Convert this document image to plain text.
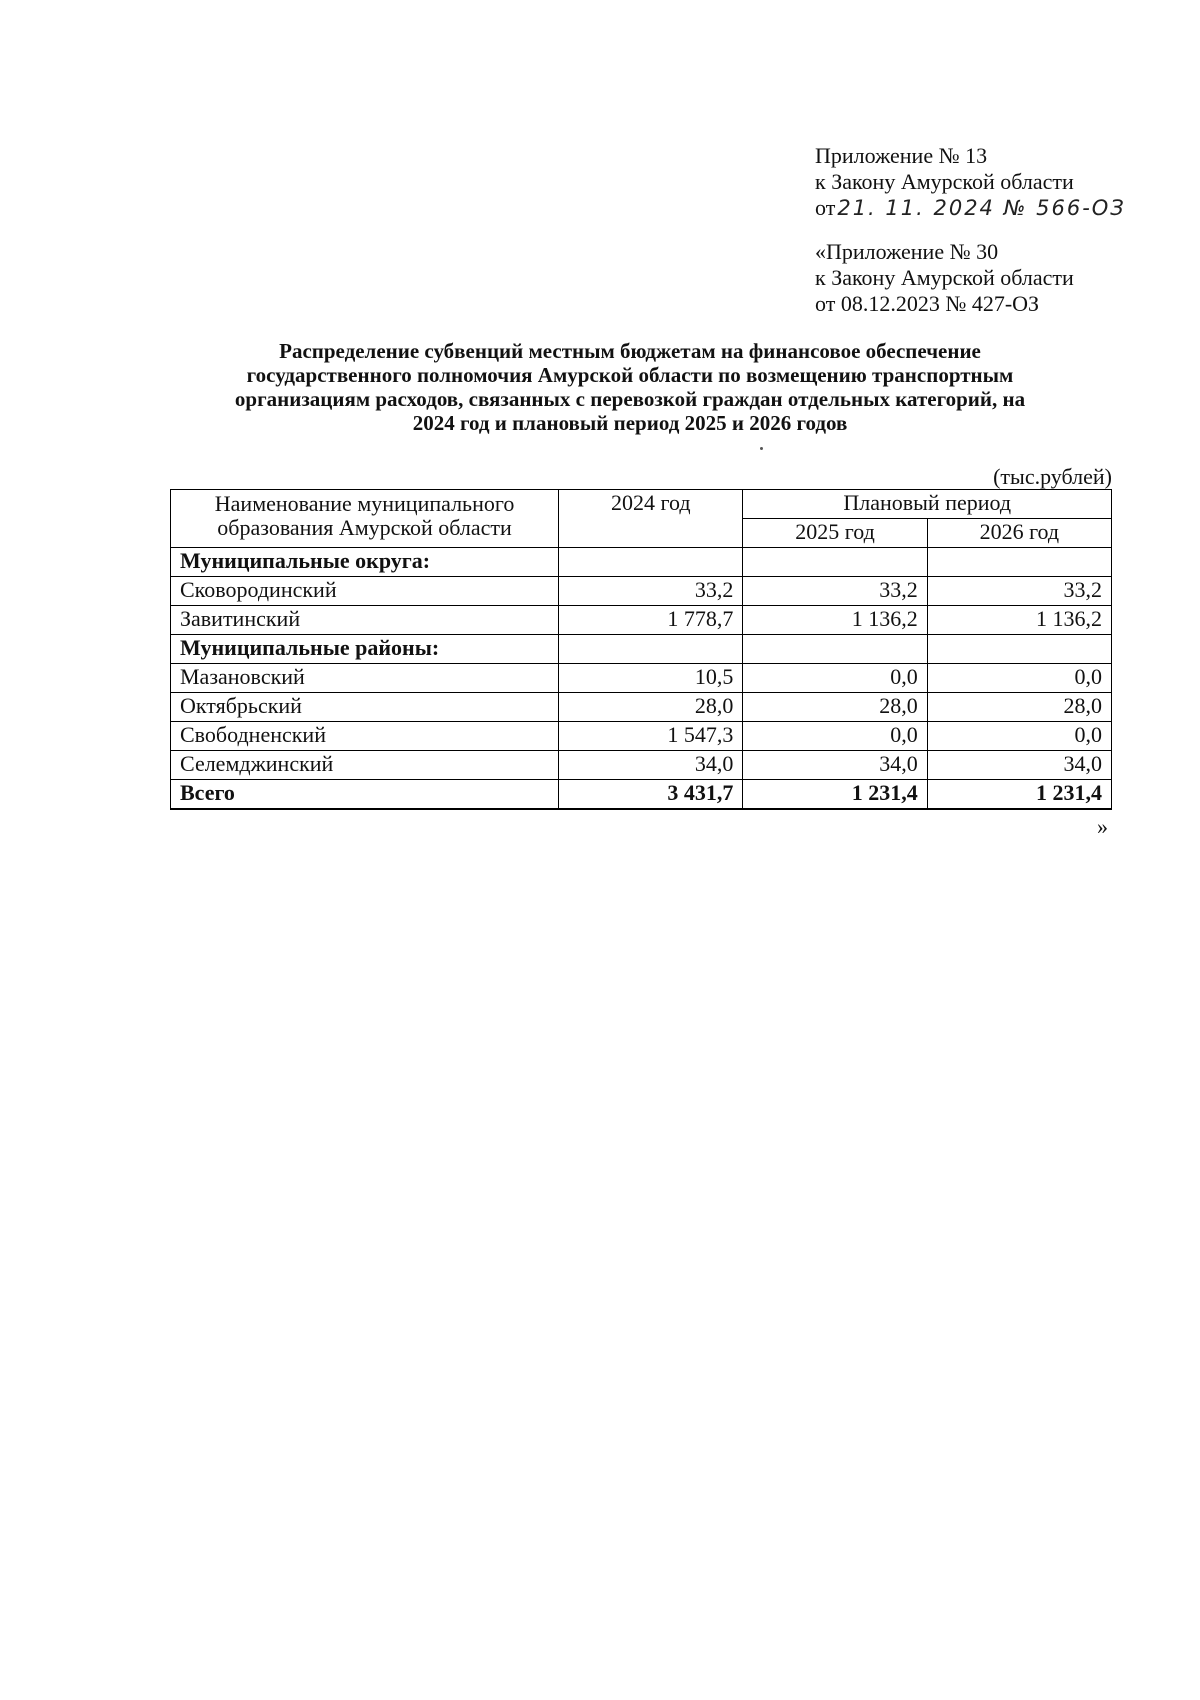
Приложение № 13
к Закону Амурской области
от21. 11. 2024 № 566-ОЗ
«Приложение № 30
к Закону Амурской области
от 08.12.2023 № 427-ОЗ
Распределение субвенций местным бюджетам на финансовое обеспечение
государственного полномочия Амурской области по возмещению транспортным
организациям расходов, связанных с перевозкой граждан отдельных категорий, на
2024 год и плановый период 2025 и 2026 годов
(тыс.рублей)
Наименование муниципального
образования Амурской области	2024 год	Плановый период	
		2025 год	2026 год
Муниципальные округа:			
Сковородинский	33,2	33,2	33,2
Завитинский	1 778,7	1 136,2	1 136,2
Муниципальные районы:			
Мазановский	10,5	0,0	0,0
Октябрьский	28,0	28,0	28,0
Свободненский	1 547,3	0,0	0,0
Селемджинский	34,0	34,0	34,0
Всего	3 431,7	1 231,4	1 231,4
»
